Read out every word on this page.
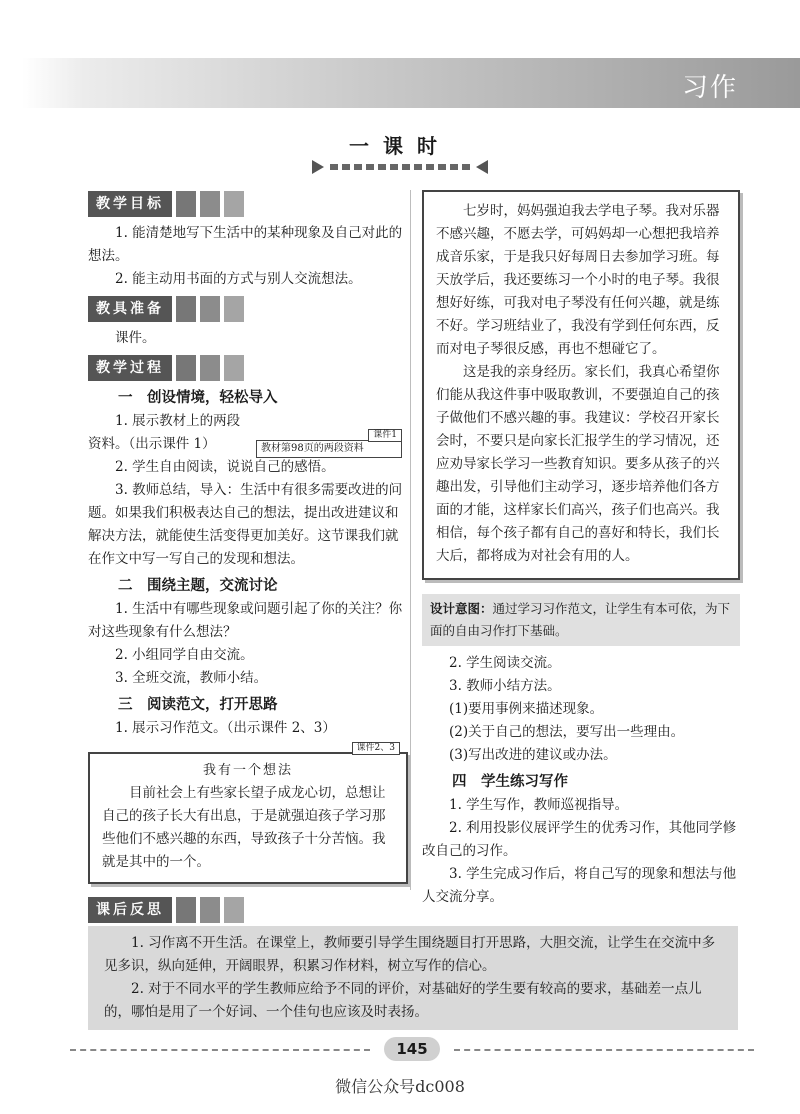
习作
一课时
教学目标

1. 能清楚地写下生活中的某种现象及自己对此的想法。

2. 能主动用书面的方式与别人交流想法。

教具准备

课件。

教学过程
一　创设情境，轻松导入
课件1
教材第98页的两段资料

1. 展示教材上的两段资料。（出示课件 1）

2. 学生自由阅读，说说自己的感悟。

3. 教师总结，导入：生活中有很多需要改进的问题。如果我们积极表达自己的想法，提出改进建议和解决方法，就能使生活变得更加美好。这节课我们就在作文中写一写自己的发现和想法。

二　围绕主题，交流讨论

1. 生活中有哪些现象或问题引起了你的关注？你对这些现象有什么想法？

2. 小组同学自由交流。

3. 全班交流，教师小结。

三　阅读范文，打开思路

1. 展示习作范文。（出示课件 2、3）

课件2、3
我有一个想法

目前社会上有些家长望子成龙心切，总想让自己的孩子长大有出息，于是就强迫孩子学习那些他们不感兴趣的东西，导致孩子十分苦恼。我就是其中的一个。

七岁时，妈妈强迫我去学电子琴。我对乐器不感兴趣，不愿去学，可妈妈却一心想把我培养成音乐家，于是我只好每周日去参加学习班。每天放学后，我还要练习一个小时的电子琴。我很想好好练，可我对电子琴没有任何兴趣，就是练不好。学习班结业了，我没有学到任何东西，反而对电子琴很反感，再也不想碰它了。

这是我的亲身经历。家长们，我真心希望你们能从我这件事中吸取教训，不要强迫自己的孩子做他们不感兴趣的事。我建议：学校召开家长会时，不要只是向家长汇报学生的学习情况，还应劝导家长学习一些教育知识。要多从孩子的兴趣出发，引导他们主动学习，逐步培养他们各方面的才能，这样家长们高兴，孩子们也高兴。我相信，每个孩子都有自己的喜好和特长，我们长大后，都将成为对社会有用的人。

设计意图：通过学习习作范文，让学生有本可依，为下面的自由习作打下基础。

2. 学生阅读交流。

3. 教师小结方法。

(1)要用事例来描述现象。

(2)关于自己的想法，要写出一些理由。

(3)写出改进的建议或办法。

四　学生练习写作

1. 学生写作，教师巡视指导。

2. 利用投影仪展评学生的优秀习作，其他同学修改自己的习作。

3. 学生完成习作后，将自己写的现象和想法与他人交流分享。

课后反思

1. 习作离不开生活。在课堂上，教师要引导学生围绕题目打开思路，大胆交流，让学生在交流中多见多识，纵向延伸，开阔眼界，积累习作材料，树立写作的信心。

2. 对于不同水平的学生教师应给予不同的评价，对基础好的学生要有较高的要求，基础差一点儿的，哪怕是用了一个好词、一个佳句也应该及时表扬。

145
微信公众号dc008
